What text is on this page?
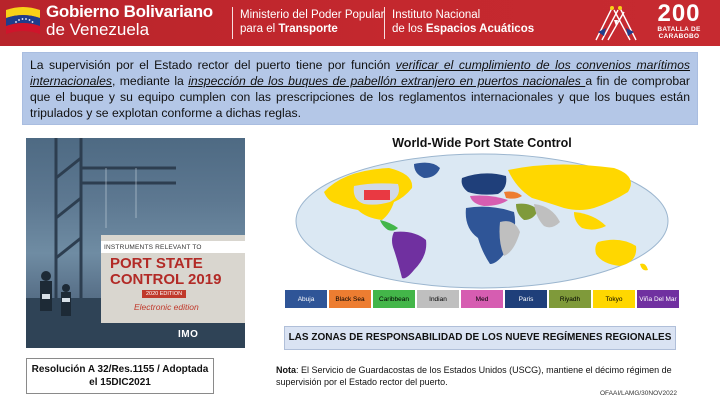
Gobierno Bolivariano
de Venezuela
Ministerio del Poder Popular
para el Transporte
Instituto Nacional
de los Espacios Acuáticos
200
BATALLA DE
CARABOBO
La supervisión por el Estado rector del puerto tiene por función verificar el cumplimiento de los convenios marítimos internacionales, mediante la inspección de los buques de pabellón extranjero en puertos nacionales a fin de comprobar que el buque y su equipo cumplen con las prescripciones de los reglamentos internacionales y que los buques están tripulados y se explotan conforme a dichas reglas.
INSTRUMENTS RELEVANT TO
PORT STATE
CONTROL 2019
2020 EDITION
Electronic edition
IMO
World-Wide Port State Control
Abuja	Black Sea	Caribbean	Indian	Med	Paris	Riyadh	Tokyo	Viña Del Mar
LAS ZONAS DE RESPONSABILIDAD DE LOS NUEVE REGÍMENES REGIONALES
Resolución A 32/Res.1155 / Adoptada el 15DIC2021
Nota: El Servicio de Guardacostas de los Estados Unidos (USCG), mantiene el décimo régimen de supervisión por el Estado rector del puerto.
OFAAI/LAMG/30NOV2022
